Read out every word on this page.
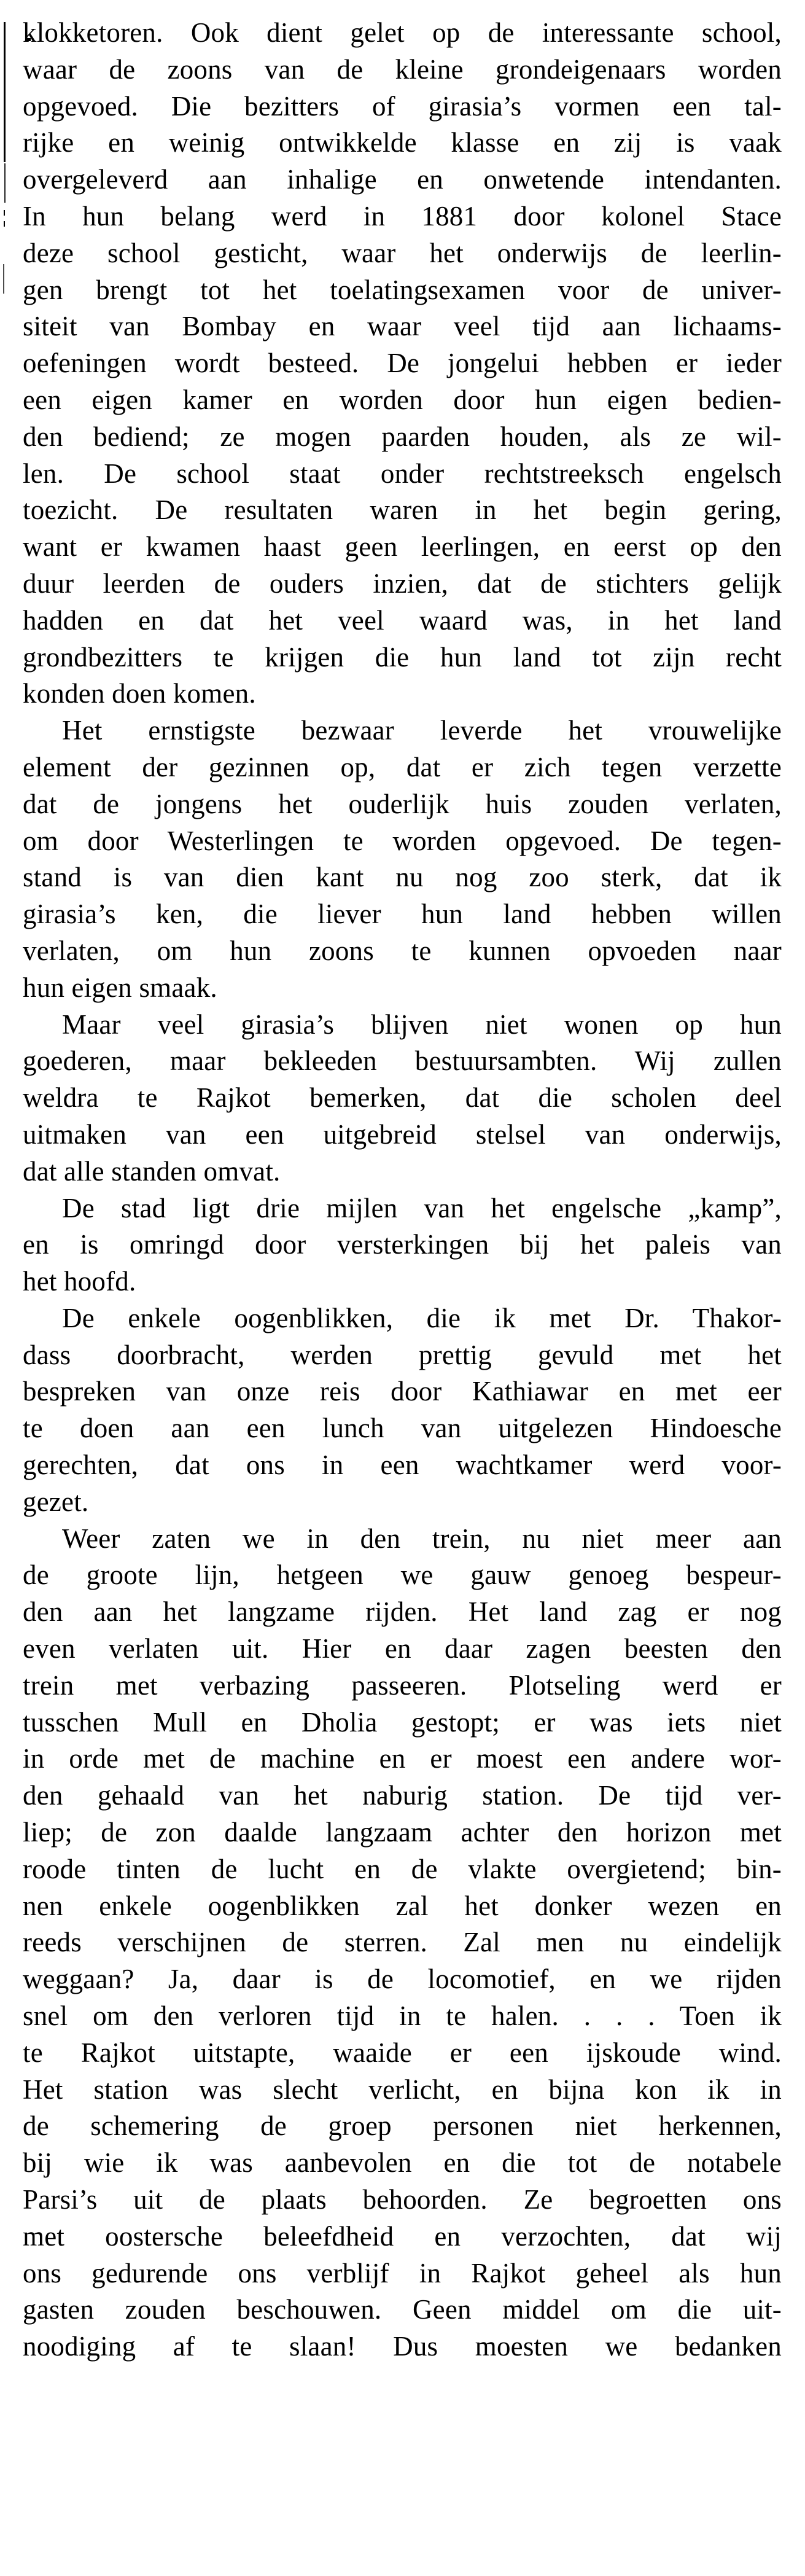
klokketoren. Ook dient gelet op de interessante school,
waar de zoons van de kleine grondeigenaars worden
opgevoed. Die bezitters of girasia’s vormen een tal-
rijke en weinig ontwikkelde klasse en zij is vaak
overgeleverd aan inhalige en onwetende intendanten.
In hun belang werd in 1881 door kolonel Stace
deze school gesticht, waar het onderwijs de leerlin-
gen brengt tot het toelatingsexamen voor de univer-
siteit van Bombay en waar veel tijd aan lichaams-
oefeningen wordt besteed. De jongelui hebben er ieder
een eigen kamer en worden door hun eigen bedien-
den bediend; ze mogen paarden houden, als ze wil-
len. De school staat onder rechtstreeksch engelsch
toezicht. De resultaten waren in het begin gering,
want er kwamen haast geen leerlingen, en eerst op den
duur leerden de ouders inzien, dat de stichters gelijk
hadden en dat het veel waard was, in het land
grondbezitters te krijgen die hun land tot zijn recht
konden doen komen.
Het ernstigste bezwaar leverde het vrouwelijke
element der gezinnen op, dat er zich tegen verzette
dat de jongens het ouderlijk huis zouden verlaten,
om door Westerlingen te worden opgevoed. De tegen-
stand is van dien kant nu nog zoo sterk, dat ik
girasia’s ken, die liever hun land hebben willen
verlaten, om hun zoons te kunnen opvoeden naar
hun eigen smaak.
Maar veel girasia’s blijven niet wonen op hun
goederen, maar bekleeden bestuursambten. Wij zullen
weldra te Rajkot bemerken, dat die scholen deel
uitmaken van een uitgebreid stelsel van onderwijs,
dat alle standen omvat.
De stad ligt drie mijlen van het engelsche „kamp”,
en is omringd door versterkingen bij het paleis van
het hoofd.
De enkele oogenblikken, die ik met Dr. Thakor-
dass doorbracht, werden prettig gevuld met het
bespreken van onze reis door Kathiawar en met eer
te doen aan een lunch van uitgelezen Hindoesche
gerechten, dat ons in een wachtkamer werd voor-
gezet.
Weer zaten we in den trein, nu niet meer aan
de groote lijn, hetgeen we gauw genoeg bespeur-
den aan het langzame rijden. Het land zag er nog
even verlaten uit. Hier en daar zagen beesten den
trein met verbazing passeeren. Plotseling werd er
tusschen Mull en Dholia gestopt; er was iets niet
in orde met de machine en er moest een andere wor-
den gehaald van het naburig station. De tijd ver-
liep; de zon daalde langzaam achter den horizon met
roode tinten de lucht en de vlakte overgietend; bin-
nen enkele oogenblikken zal het donker wezen en
reeds verschijnen de sterren. Zal men nu eindelijk
weggaan? Ja, daar is de locomotief, en we rijden
snel om den verloren tijd in te halen. . . . Toen ik
te Rajkot uitstapte, waaide er een ijskoude wind.
Het station was slecht verlicht, en bijna kon ik in
de schemering de groep personen niet herkennen,
bij wie ik was aanbevolen en die tot de notabele
Parsi’s uit de plaats behoorden. Ze begroetten ons
met oostersche beleefdheid en verzochten, dat wij
ons gedurende ons verblijf in Rajkot geheel als hun
gasten zouden beschouwen. Geen middel om die uit-
noodiging af te slaan! Dus moesten we bedanken
